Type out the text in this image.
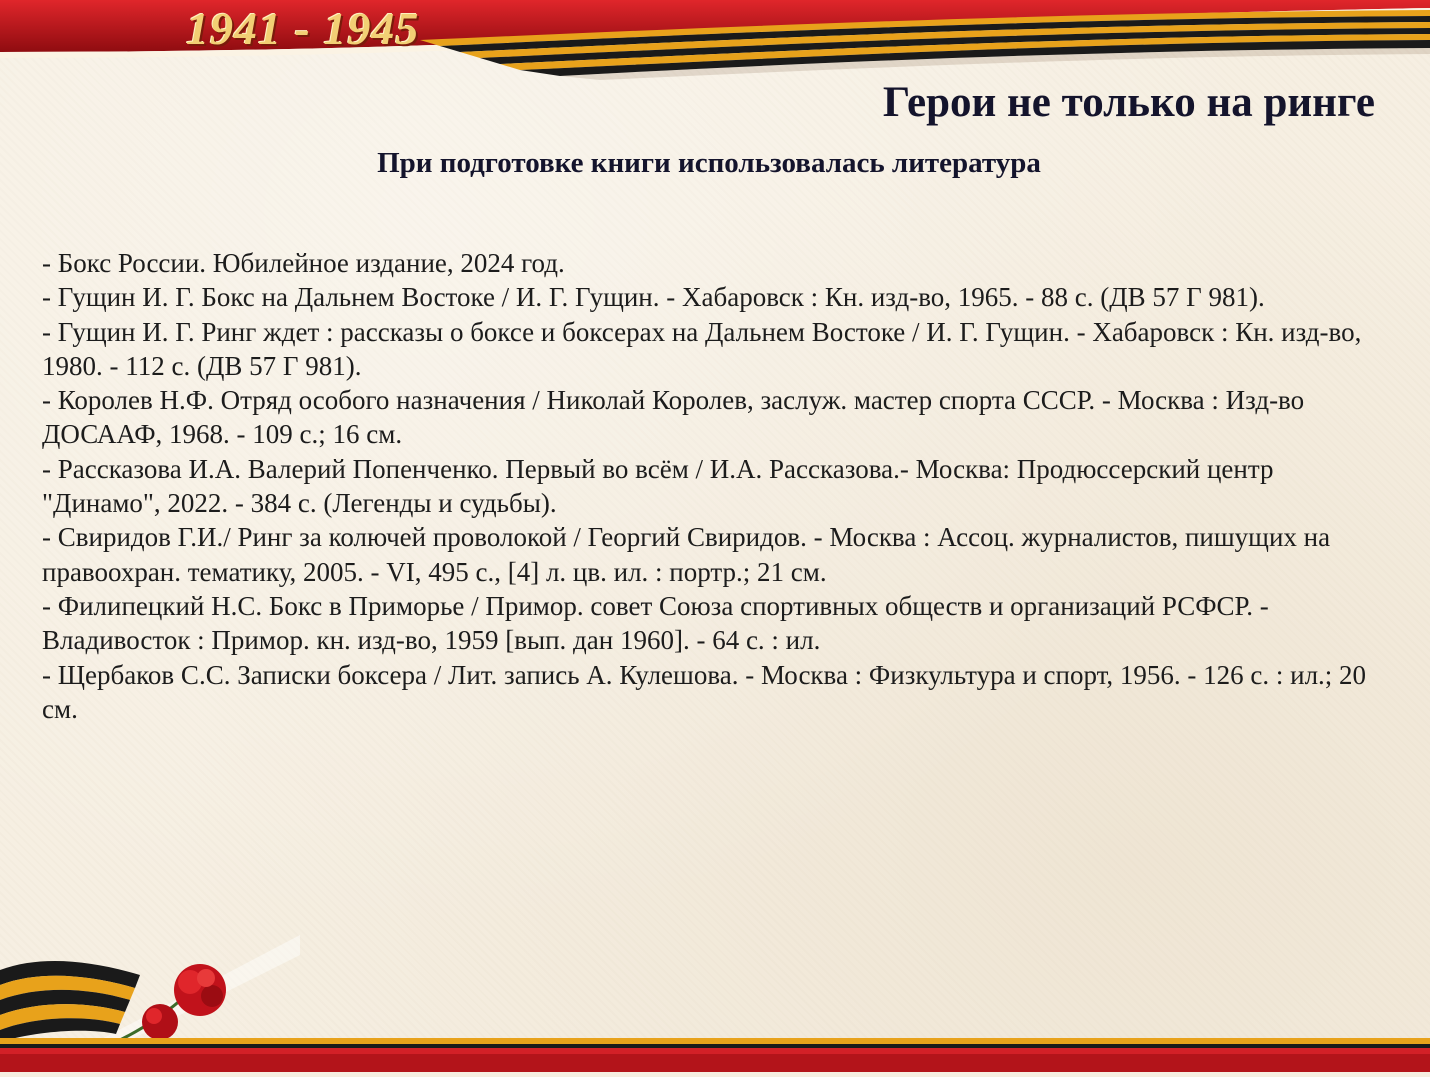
1941 - 1945
Герои не только на ринге
При подготовке книги использовалась литература
- Бокс России. Юбилейное издание, 2024 год.
- Гущин И. Г. Бокс на Дальнем Востоке / И. Г. Гущин. - Хабаровск : Кн. изд-во, 1965. - 88 с. (ДВ 57 Г 981).
- Гущин И. Г. Ринг ждет : рассказы о боксе и боксерах на Дальнем Востоке / И. Г. Гущин. - Хабаровск : Кн. изд-во, 1980. - 112 с. (ДВ 57 Г 981).
- Королев Н.Ф. Отряд особого назначения / Николай Королев, заслуж. мастер спорта СССР. - Москва : Изд-во ДОСААФ, 1968. - 109 с.; 16 см.
- Рассказова И.А. Валерий Попенченко. Первый во всём / И.А. Рассказова.- Москва: Продюссерский центр "Динамо", 2022. - 384 с. (Легенды и судьбы).
- Свиридов Г.И./ Ринг за колючей проволокой / Георгий Свиридов. - Москва : Ассоц. журналистов, пишущих на правоохран. тематику, 2005. - VI, 495 с., [4] л. цв. ил. : портр.; 21 см.
- Филипецкий Н.С. Бокс в Приморье / Примор. совет Союза спортивных обществ и организаций РСФСР. - Владивосток : Примор. кн. изд-во, 1959 [вып. дан 1960]. - 64 с. : ил.
- Щербаков С.С. Записки боксера / Лит. запись А. Кулешова. - Москва : Физкультура и спорт, 1956. - 126 с. : ил.; 20 см.
